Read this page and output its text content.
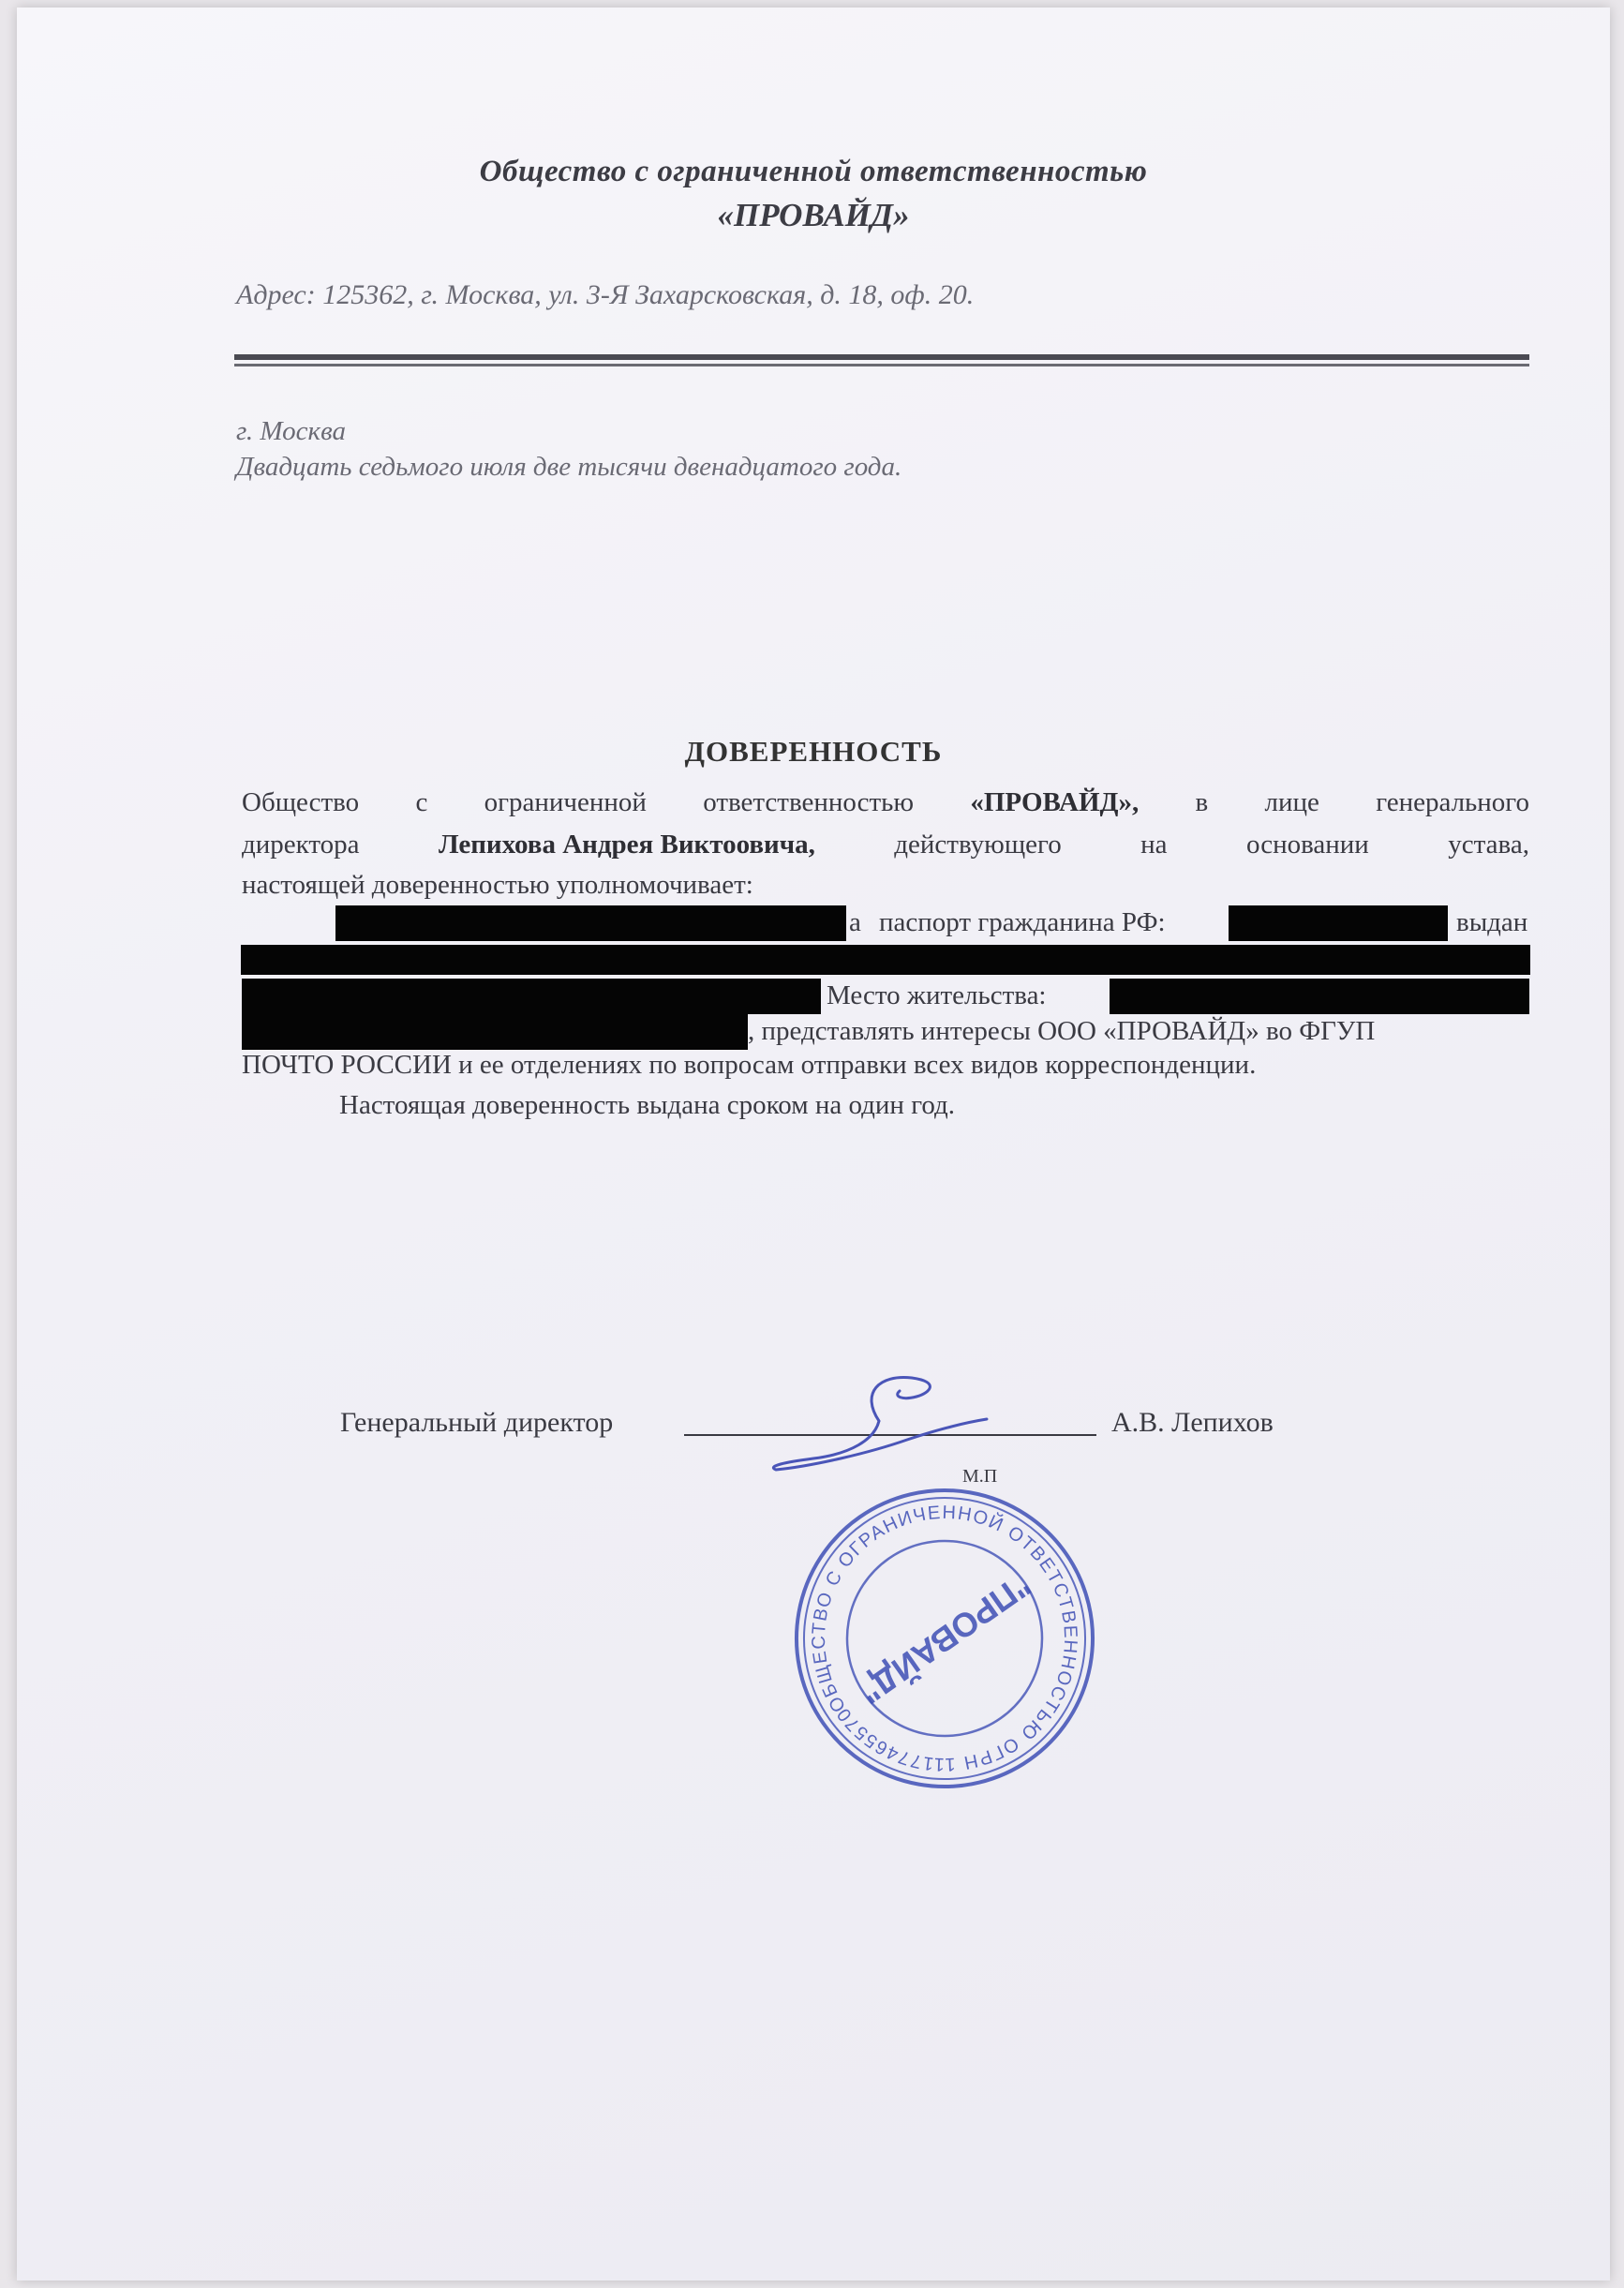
Общество с ограниченной ответственностью
«ПРОВАЙД»
Адрес: 125362, г. Москва, ул. 3-Я Захарсковская, д. 18, оф. 20.
г. Москва
Двадцать седьмого июля две тысячи двенадцатого года.
ДОВЕРЕННОСТЬ
Общество с ограниченной ответственностью «ПРОВАЙД», в лице генерального
директора	Лепихова Андрея Виктоовича,	действующего	на	основании	устава,
настоящей доверенностью уполномочивает:
а паспорт гражданина РФ:	выдан
Место жительства:
, представлять интересы ООО «ПРОВАЙД» во ФГУП
ПОЧТО РОССИИ и ее отделениях по вопросам отправки всех видов корреспонденции.
Настоящая доверенность выдана сроком на один год.
Генеральный директор	А.В. Лепихов
М.П
ОБЩЕСТВО С ОГРАНИЧЕННОЙ ОТВЕТСТВЕННОСТЬЮ ОГРН 1117746557004	"ПРОВАЙД"
